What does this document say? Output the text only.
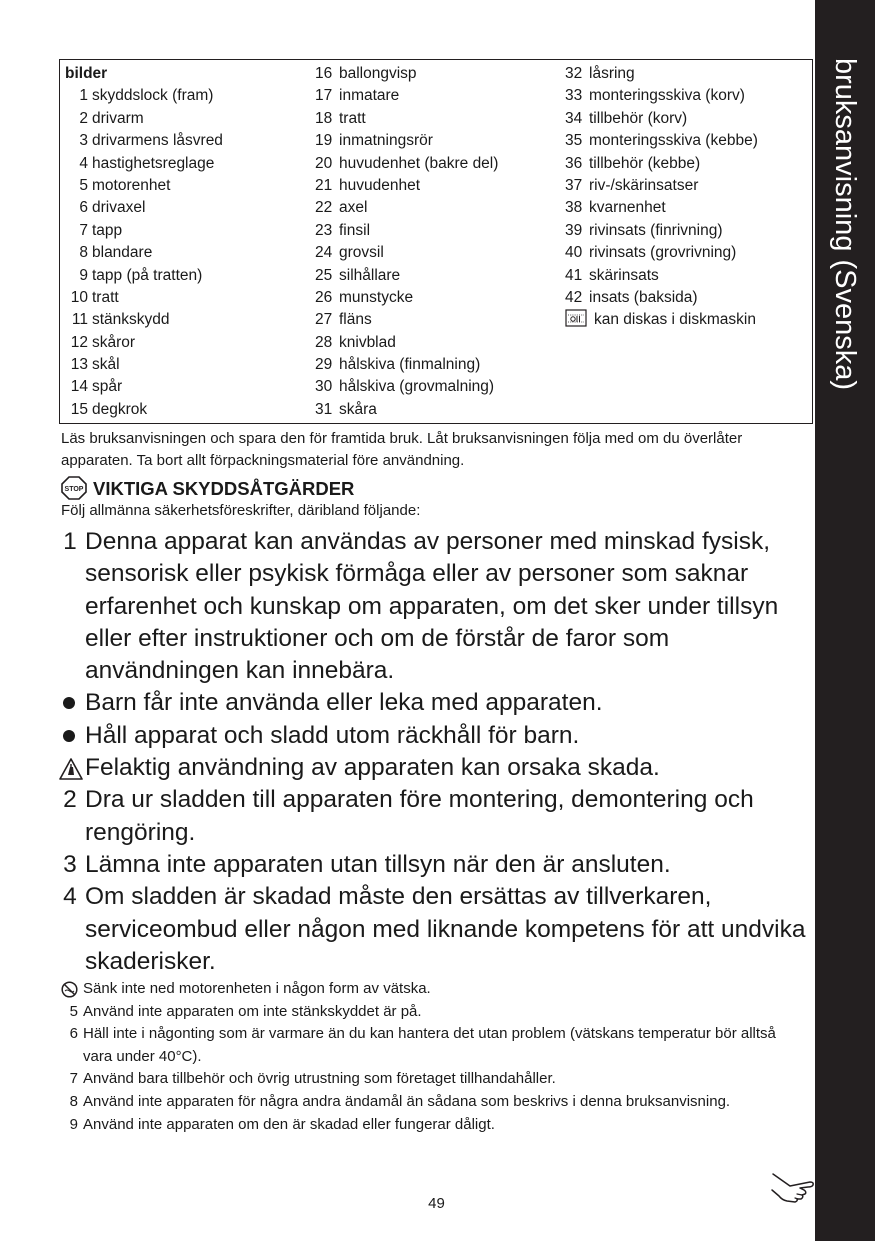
bruksanvisning (Svenska)
bilder
1 skyddslock (fram)
2 drivarm
3 drivarmens låsvred
4 hastighetsreglage
5 motorenhet
6 drivaxel
7 tapp
8 blandare
9 tapp (på tratten)
10 tratt
11 stänkskydd
12 skåror
13 skål
14 spår
15 degkrok
16 ballongvisp
17 inmatare
18 tratt
19 inmatningsrör
20 huvudenhet (bakre del)
21 huvudenhet
22 axel
23 finsil
24 grovsil
25 silhållare
26 munstycke
27 fläns
28 knivblad
29 hålskiva (finmalning)
30 hålskiva (grovmalning)
31 skåra
32 låsring
33 monteringsskiva (korv)
34 tillbehör (korv)
35 monteringsskiva (kebbe)
36 tillbehör (kebbe)
37 riv-/skärinsatser
38 kvarnenhet
39 rivinsats (finrivning)
40 rivinsats (grovrivning)
41 skärinsats
42 insats (baksida)
kan diskas i diskmaskin
Läs bruksanvisningen och spara den för framtida bruk. Låt bruksanvisningen följa med om du överlåter apparaten. Ta bort allt förpackningsmaterial före användning.
STOP VIKTIGA SKYDDSÅTGÄRDER
Följ allmänna säkerhetsföreskrifter, däribland följande:
1 Denna apparat kan användas av personer med minskad fysisk, sensorisk eller psykisk förmåga eller av personer som saknar erfarenhet och kunskap om apparaten, om det sker under tillsyn eller efter instruktioner och om de förstår de faror som användningen kan innebära.
Barn får inte använda eller leka med apparaten.
Håll apparat och sladd utom räckhåll för barn.
Felaktig användning av apparaten kan orsaka skada.
2 Dra ur sladden till apparaten före montering, demontering och rengöring.
3 Lämna inte apparaten utan tillsyn när den är ansluten.
4 Om sladden är skadad måste den ersättas av tillverkaren, serviceombud eller någon med liknande kompetens för att undvika skaderisker.
Sänk inte ned motorenheten i någon form av vätska.
5 Använd inte apparaten om inte stänkskyddet är på.
6 Häll inte i någonting som är varmare än du kan hantera det utan problem (vätskans temperatur bör alltså vara under 40°C).
7 Använd bara tillbehör och övrig utrustning som företaget tillhandahåller.
8 Använd inte apparaten för några andra ändamål än sådana som beskrivs i denna bruksanvisning.
9 Använd inte apparaten om den är skadad eller fungerar dåligt.
49
